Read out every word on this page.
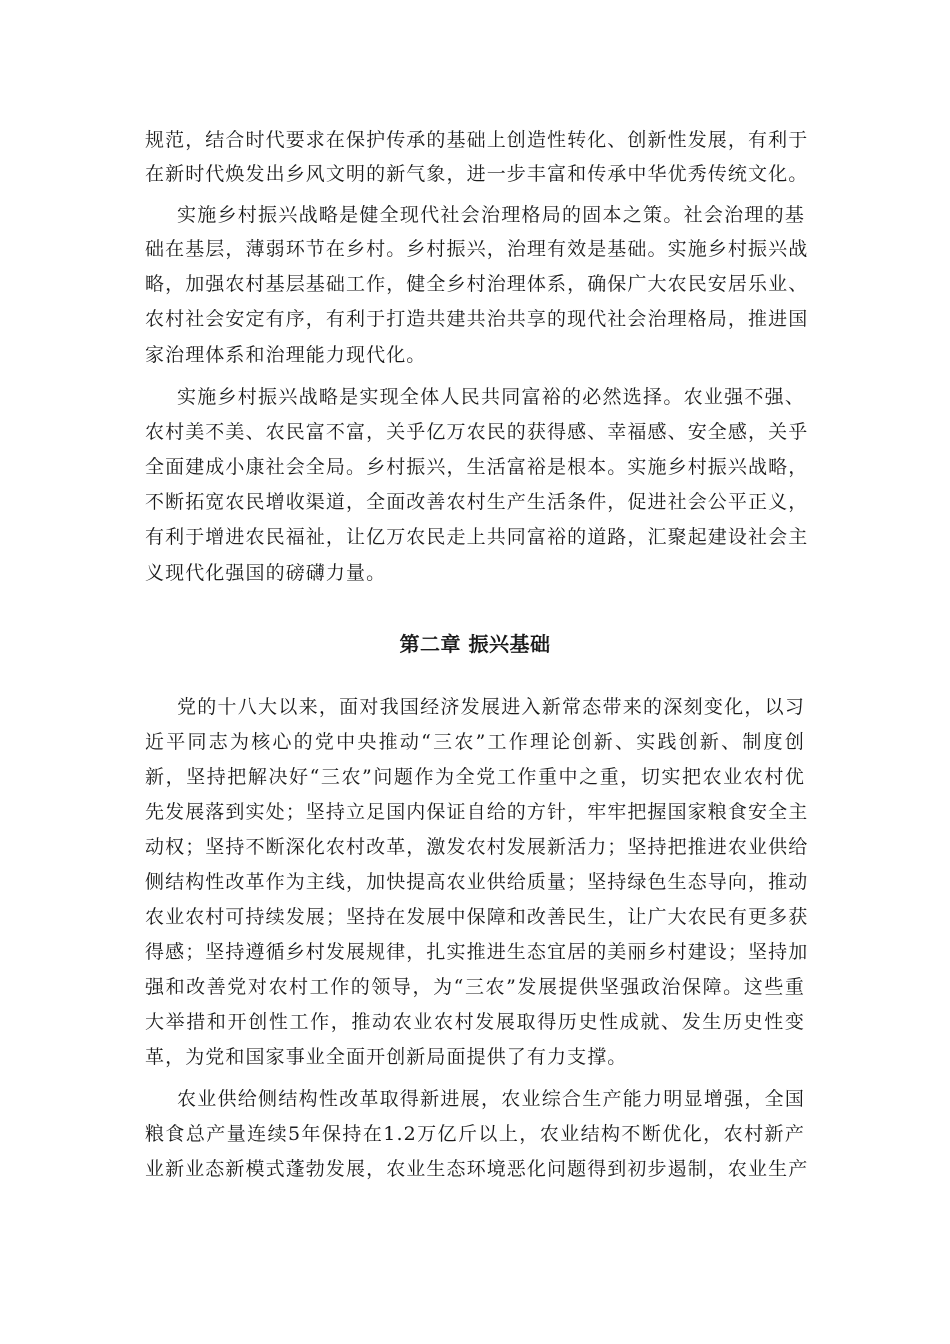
规范，结合时代要求在保护传承的基础上创造性转化、创新性发展，有利于
在新时代焕发出乡风文明的新气象，进一步丰富和传承中华优秀传统文化。
实施乡村振兴战略是健全现代社会治理格局的固本之策。社会治理的基
础在基层，薄弱环节在乡村。乡村振兴，治理有效是基础。实施乡村振兴战
略，加强农村基层基础工作，健全乡村治理体系，确保广大农民安居乐业、
农村社会安定有序，有利于打造共建共治共享的现代社会治理格局，推进国
家治理体系和治理能力现代化。
实施乡村振兴战略是实现全体人民共同富裕的必然选择。农业强不强、
农村美不美、农民富不富，关乎亿万农民的获得感、幸福感、安全感，关乎
全面建成小康社会全局。乡村振兴，生活富裕是根本。实施乡村振兴战略，
不断拓宽农民增收渠道，全面改善农村生产生活条件，促进社会公平正义，
有利于增进农民福祉，让亿万农民走上共同富裕的道路，汇聚起建设社会主
义现代化强国的磅礴力量。
第二章 振兴基础
党的十八大以来，面对我国经济发展进入新常态带来的深刻变化，以习
近平同志为核心的党中央推动“三农”工作理论创新、实践创新、制度创
新，坚持把解决好“三农”问题作为全党工作重中之重，切实把农业农村优
先发展落到实处；坚持立足国内保证自给的方针，牢牢把握国家粮食安全主
动权；坚持不断深化农村改革，激发农村发展新活力；坚持把推进农业供给
侧结构性改革作为主线，加快提高农业供给质量；坚持绿色生态导向，推动
农业农村可持续发展；坚持在发展中保障和改善民生，让广大农民有更多获
得感；坚持遵循乡村发展规律，扎实推进生态宜居的美丽乡村建设；坚持加
强和改善党对农村工作的领导，为“三农”发展提供坚强政治保障。这些重
大举措和开创性工作，推动农业农村发展取得历史性成就、发生历史性变
革，为党和国家事业全面开创新局面提供了有力支撑。
农业供给侧结构性改革取得新进展，农业综合生产能力明显增强，全国
粮食总产量连续5年保持在1.2万亿斤以上，农业结构不断优化，农村新产
业新业态新模式蓬勃发展，农业生态环境恶化问题得到初步遏制，农业生产
